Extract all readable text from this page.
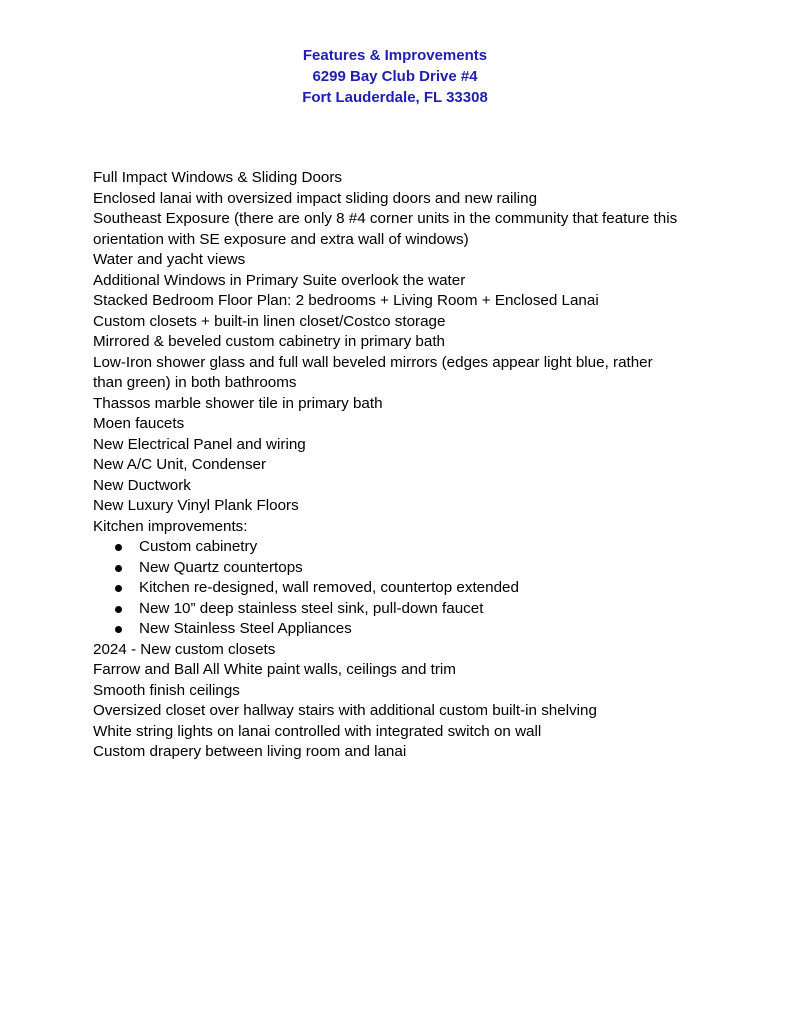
Features & Improvements
6299 Bay Club Drive #4
Fort Lauderdale, FL 33308
Full Impact Windows & Sliding Doors
Enclosed lanai with oversized impact sliding doors and new railing
Southeast Exposure (there are only 8 #4 corner units in the community that feature this orientation with SE exposure and extra wall of windows)
Water and yacht views
Additional Windows in Primary Suite overlook the water
Stacked Bedroom Floor Plan: 2 bedrooms + Living Room + Enclosed Lanai
Custom closets + built-in linen closet/Costco storage
Mirrored & beveled custom cabinetry in primary bath
Low-Iron shower glass and full wall beveled mirrors (edges appear light blue, rather than green) in both bathrooms
Thassos marble shower tile in primary bath
Moen faucets
New Electrical Panel and wiring
New A/C Unit, Condenser
New Ductwork
New Luxury Vinyl Plank Floors
Kitchen improvements:
Custom cabinetry
New Quartz countertops
Kitchen re-designed, wall removed, countertop extended
New 10” deep stainless steel sink, pull-down faucet
New Stainless Steel Appliances
2024 - New custom closets
Farrow and Ball All White paint walls, ceilings and trim
Smooth finish ceilings
Oversized closet over hallway stairs with additional custom built-in shelving
White string lights on lanai controlled with integrated switch on wall
Custom drapery between living room and lanai
